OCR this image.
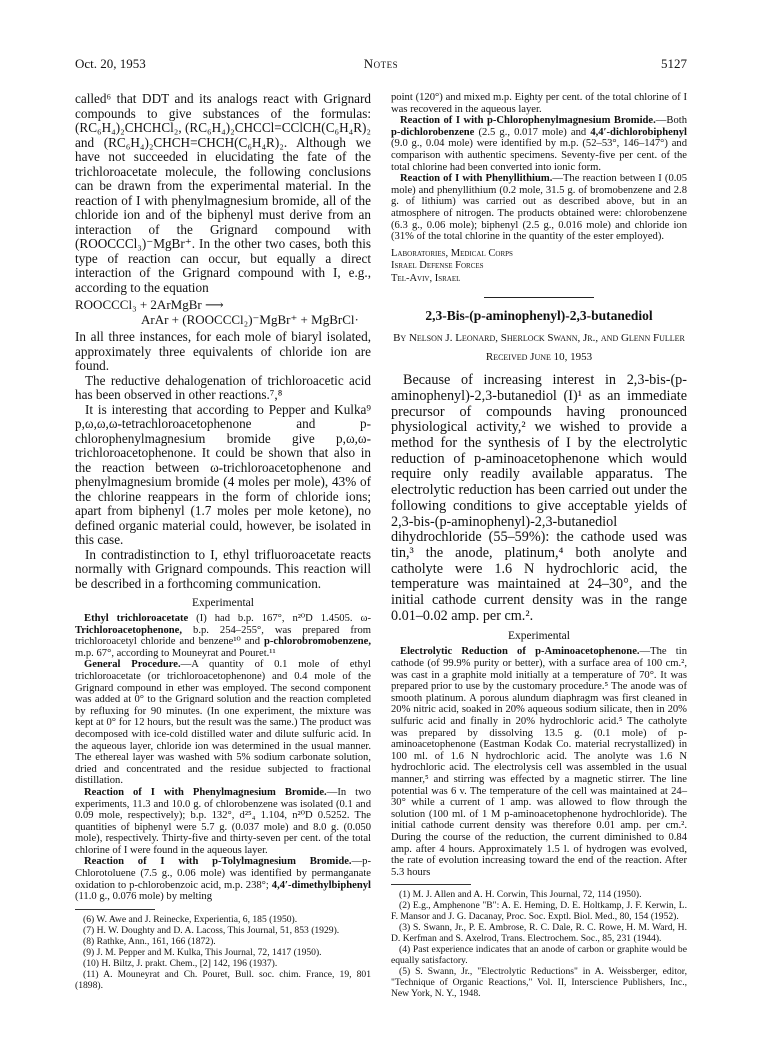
Oct. 20, 1953	Notes	5127

called⁶ that DDT and its analogs react with Grignard compounds to give substances of the formulas: (RC₆H₄)₂CHCHCl₂, (RC₆H₄)₂CHCCl=CClCH(C₆H₄R)₂ and (RC₆H₄)₂CHCH=CHCH(C₆H₄R)₂. Although we have not succeeded in elucidating the fate of the trichloroacetate molecule, the following conclusions can be drawn from the experimental material. In the reaction of I with phenylmagnesium bromide, all of the chloride ion and of the biphenyl must derive from an interaction of the Grignard compound with (ROOCCCl₃)⁻MgBr⁺. In the other two cases, both this type of reaction can occur, but equally a direct interaction of the Grignard compound with I, e.g., according to the equation

ROOCCCl₃ + 2ArMgBr ⟶
ArAr + (ROOCCCl₂)⁻MgBr⁺ + MgBrCl·

In all three instances, for each mole of biaryl isolated, approximately three equivalents of chloride ion are found.

The reductive dehalogenation of trichloroacetic acid has been observed in other reactions.⁷,⁸

It is interesting that according to Pepper and Kulka⁹ p,ω,ω,ω-tetrachloroacetophenone and p-chlorophenylmagnesium bromide give p,ω,ω-trichloroacetophenone. It could be shown that also in the reaction between ω-trichloroacetophenone and phenylmagnesium bromide (4 moles per mole), 43% of the chlorine reappears in the form of chloride ions; apart from biphenyl (1.7 moles per mole ketone), no defined organic material could, however, be isolated in this case.

In contradistinction to I, ethyl trifluoroacetate reacts normally with Grignard compounds. This reaction will be described in a forthcoming communication.

Experimental

Ethyl trichloroacetate (I) had b.p. 167°, n²⁰D 1.4505. ω-Trichloroacetophenone, b.p. 254–255°, was prepared from trichloroacetyl chloride and benzene¹⁰ and p-chlorobromobenzene, m.p. 67°, according to Mouneyrat and Pouret.¹¹

General Procedure.—A quantity of 0.1 mole of ethyl trichloroacetate (or trichloroacetophenone) and 0.4 mole of the Grignard compound in ether was employed. The second component was added at 0° to the Grignard solution and the reaction completed by refluxing for 90 minutes. (In one experiment, the mixture was kept at 0° for 12 hours, but the result was the same.) The product was decomposed with ice-cold distilled water and dilute sulfuric acid. In the aqueous layer, chloride ion was determined in the usual manner. The ethereal layer was washed with 5% sodium carbonate solution, dried and concentrated and the residue subjected to fractional distillation.

Reaction of I with Phenylmagnesium Bromide.—In two experiments, 11.3 and 10.0 g. of chlorobenzene was isolated (0.1 and 0.09 mole, respectively); b.p. 132°, d²⁵₄ 1.104, n²⁰D 0.5252. The quantities of biphenyl were 5.7 g. (0.037 mole) and 8.0 g. (0.050 mole), respectively. Thirty-five and thirty-seven per cent. of the total chlorine of I were found in the aqueous layer.

Reaction of I with p-Tolylmagnesium Bromide.—p-Chlorotoluene (7.5 g., 0.06 mole) was identified by permanganate oxidation to p-chlorobenzoic acid, m.p. 238°; 4,4′-dimethylbiphenyl (11.0 g., 0.076 mole) by melting

(6) W. Awe and J. Reinecke, Experientia, 6, 185 (1950).

(7) H. W. Doughty and D. A. Lacoss, This Journal, 51, 853 (1929).

(8) Rathke, Ann., 161, 166 (1872).

(9) J. M. Pepper and M. Kulka, This Journal, 72, 1417 (1950).

(10) H. Biltz, J. prakt. Chem., [2] 142, 196 (1937).

(11) A. Mouneyrat and Ch. Pouret, Bull. soc. chim. France, 19, 801 (1898).

point (120°) and mixed m.p. Eighty per cent. of the total chlorine of I was recovered in the aqueous layer.

Reaction of I with p-Chlorophenylmagnesium Bromide.—Both p-dichlorobenzene (2.5 g., 0.017 mole) and 4,4′-dichlorobiphenyl (9.0 g., 0.04 mole) were identified by m.p. (52–53°, 146–147°) and comparison with authentic specimens. Seventy-five per cent. of the total chlorine had been converted into ionic form.

Reaction of I with Phenyllithium.—The reaction between I (0.05 mole) and phenyllithium (0.2 mole, 31.5 g. of bromobenzene and 2.8 g. of lithium) was carried out as described above, but in an atmosphere of nitrogen. The products obtained were: chlorobenzene (6.3 g., 0.06 mole); biphenyl (2.5 g., 0.016 mole) and chloride ion (31% of the total chlorine in the quantity of the ester employed).

Laboratories, Medical Corps
Israel Defense Forces
Tel-Aviv, Israel
2,3-Bis-(p-aminophenyl)-2,3-butanediol
By Nelson J. Leonard, Sherlock Swann, Jr., and Glenn Fuller
Received June 10, 1953

Because of increasing interest in 2,3-bis-(p-aminophenyl)-2,3-butanediol (I)¹ as an immediate precursor of compounds having pronounced physiological activity,² we wished to provide a method for the synthesis of I by the electrolytic reduction of p-aminoacetophenone which would require only readily available apparatus. The electrolytic reduction has been carried out under the following conditions to give acceptable yields of 2,3-bis-(p-aminophenyl)-2,3-butanediol dihydrochloride (55–59%): the cathode used was tin,³ the anode, platinum,⁴ both anolyte and catholyte were 1.6 N hydrochloric acid, the temperature was maintained at 24–30°, and the initial cathode current density was in the range 0.01–0.02 amp. per cm.².

Experimental

Electrolytic Reduction of p-Aminoacetophenone.—The tin cathode (of 99.9% purity or better), with a surface area of 100 cm.², was cast in a graphite mold initially at a temperature of 70°. It was prepared prior to use by the customary procedure.⁵ The anode was of smooth platinum. A porous alundum diaphragm was first cleaned in 20% nitric acid, soaked in 20% aqueous sodium silicate, then in 20% sulfuric acid and finally in 20% hydrochloric acid.⁵ The catholyte was prepared by dissolving 13.5 g. (0.1 mole) of p-aminoacetophenone (Eastman Kodak Co. material recrystallized) in 100 ml. of 1.6 N hydrochloric acid. The anolyte was 1.6 N hydrochloric acid. The electrolysis cell was assembled in the usual manner,⁵ and stirring was effected by a magnetic stirrer. The line potential was 6 v. The temperature of the cell was maintained at 24–30° while a current of 1 amp. was allowed to flow through the solution (100 ml. of 1 M p-aminoacetophenone hydrochloride). The initial cathode current density was therefore 0.01 amp. per cm.². During the course of the reduction, the current diminished to 0.84 amp. after 4 hours. Approximately 1.5 l. of hydrogen was evolved, the rate of evolution increasing toward the end of the reaction. After 5.3 hours

(1) M. J. Allen and A. H. Corwin, This Journal, 72, 114 (1950).

(2) E.g., Amphenone "B": A. E. Heming, D. E. Holtkamp, J. F. Kerwin, L. F. Mansor and J. G. Dacanay, Proc. Soc. Exptl. Biol. Med., 80, 154 (1952).

(3) S. Swann, Jr., P. E. Ambrose, R. C. Dale, R. C. Rowe, H. M. Ward, H. D. Kerfman and S. Axelrod, Trans. Electrochem. Soc., 85, 231 (1944).

(4) Past experience indicates that an anode of carbon or graphite would be equally satisfactory.

(5) S. Swann, Jr., "Electrolytic Reductions" in A. Weissberger, editor, "Technique of Organic Reactions," Vol. II, Interscience Publishers, Inc., New York, N. Y., 1948.
